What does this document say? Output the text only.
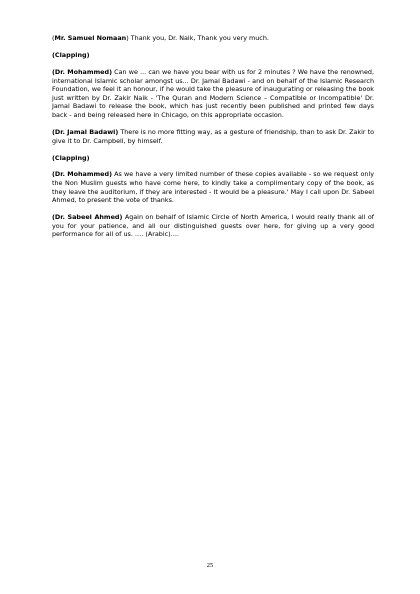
(Mr. Samuel Nomaan) Thank you, Dr. Naik, Thank you very much.

(Clapping)

(Dr. Mohammed) Can we ... can we have you bear with us for 2 minutes ? We have the renowned, international Islamic scholar amongst us... Dr. Jamal Badawi - and on behalf of the Islamic Research Foundation, we feel it an honour, if he would take the pleasure of inaugurating or releasing the book just written by Dr. Zakir Naik - 'The Quran and Modern Science – Compatible or Incompatible' Dr. Jamal Badawi to release the book, which has just recently been published and printed few days back - and being released here in Chicago, on this appropriate occasion.

(Dr. Jamal Badawi) There is no more fitting way, as a gesture of friendship, than to ask Dr. Zakir to give it to Dr. Campbell, by himself.

(Clapping)

(Dr. Mohammed) As we have a very limited number of these copies available - so we request only the Non Muslim guests who have come here, to kindly take a complimentary copy of the book, as they leave the auditorium, if they are interested - It would be a pleasure.' May I call upon Dr. Sabeel Ahmed, to present the vote of thanks.

(Dr. Sabeel Ahmed) Again on behalf of Islamic Circle of North America, I would really thank all of you for your patience, and all our distinguished guests over here, for giving up a very good performance for all of us. …. (Arabic)….

25
